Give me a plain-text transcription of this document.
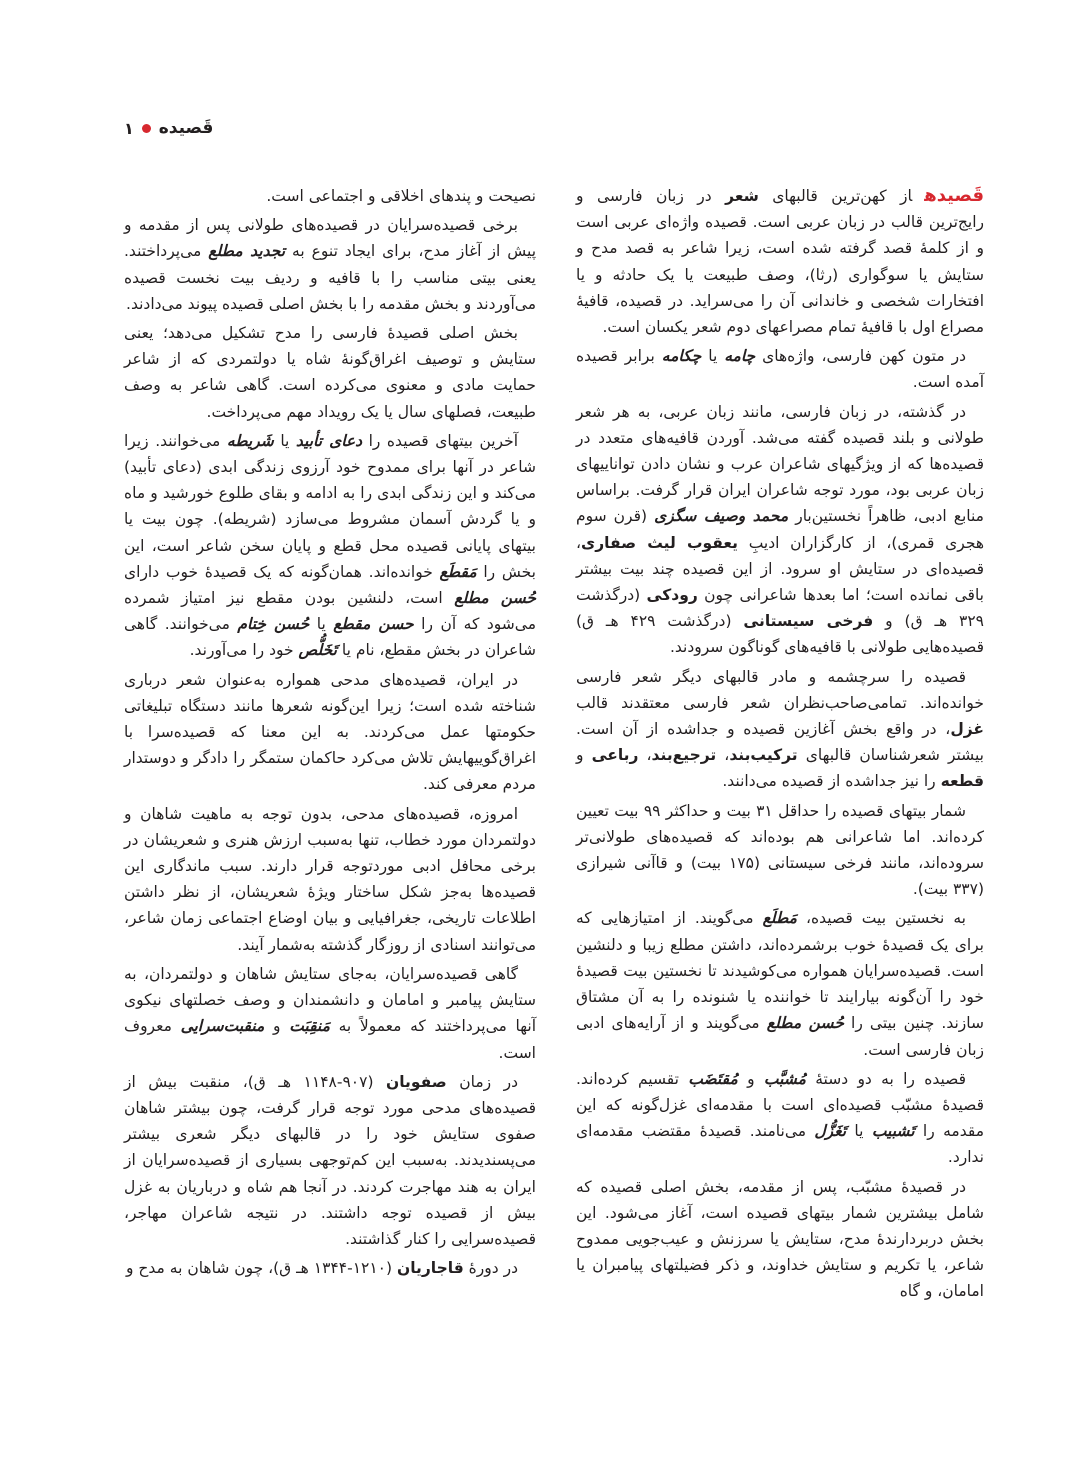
قَصیده
۱

قَصیدهاز کهن‌ترین قالبهای شعر در زبان فارسی و رایج‌ترین قالب در زبان عربی است. قصیده واژه‌ای عربی است و از کلمهٔ قصد گرفته شده است، زیرا شاعر به قصد مدح و ستایش یا سوگواری (رثا)، وصف طبیعت یا یک حادثه و یا افتخارات شخصی و خاندانی آن را می‌سراید. در قصیده، قافیهٔ مصراع اول با قافیهٔ تمام مصراعهای دوم شعر یکسان است.

در متون کهن فارسی، واژه‌های چامه یا چکامه برابر قصیده آمده است.

در گذشته، در زبان فارسی، مانند زبان عربی، به هر شعر طولانی و بلند قصیده گفته می‌شد. آوردن قافیه‌های متعدد در قصیده‌ها که از ویژگیهای شاعران عرب و نشان دادن تواناییهای زبان عربی بود، مورد توجه شاعران ایران قرار گرفت. براساس منابع ادبی، ظاهراً نخستین‌بار محمد وصیف سگزی (قرن سوم هجری قمری)، از کارگزاران ادیبِ یعقوب لیث صفاری، قصیده‌ای در ستایش او سرود. از این قصیده چند بیت بیشتر باقی نمانده است؛ اما بعدها شاعرانی چون رودکی (درگذشت ۳۲۹ هـ ق) و فرخی سیستانی (درگذشت ۴۲۹ هـ ق) قصیده‌هایی طولانی با قافیه‌های گوناگون سرودند.

قصیده را سرچشمه و مادر قالبهای دیگر شعر فارسی خوانده‌اند. تمامی‌صاحب‌نظران شعر فارسی معتقدند قالب غزل، در واقع بخش آغازین قصیده و جداشده از آن است. بیشتر شعرشناسان قالبهای ترکیب‌بند، ترجیع‌بند، رباعی و قطعه را نیز جداشده از قصیده می‌دانند.

شمار بیتهای قصیده را حداقل ۳۱ بیت و حداکثر ۹۹ بیت تعیین کرده‌اند. اما شاعرانی هم بوده‌اند که قصیده‌های طولانی‌تر سروده‌اند، مانند فرخی سیستانی (۱۷۵ بیت) و قاآنی شیرازی (۳۳۷ بیت).

به نخستین بیت قصیده، مَطلَع می‌گویند. از امتیازهایی که برای یک قصیدهٔ خوب برشمرده‌اند، داشتن مطلع زیبا و دلنشین است. قصیده‌سرایان همواره می‌کوشیدند تا نخستین بیت قصیدهٔ خود را آن‌گونه بیارایند تا خواننده یا شنونده را به آن مشتاق سازند. چنین بیتی را حُسن مطلع می‌گویند و از آرایه‌های ادبی زبان فارسی است.

قصیده را به دو دستهٔ مُشبَّب و مُقتَضَب تقسیم کرده‌اند. قصیدهٔ مشبّب قصیده‌ای است با مقدمه‌ای غزل‌گونه که این مقدمه را تَشبیب یا تَغَزُّل می‌نامند. قصیدهٔ مقتضب مقدمه‌ای ندارد.

در قصیدهٔ مشبّب، پس از مقدمه، بخش اصلی قصیده که شامل بیشترین شمار بیتهای قصیده است، آغاز می‌شود. این بخش دربردارندهٔ مدح، ستایش یا سرزنش و عیب‌جویی ممدوح شاعر، یا تکریم و ستایش خداوند، و ذکر فضیلتهای پیامبران یا امامان، و گاه

نصیحت و پندهای اخلاقی و اجتماعی است.

برخی قصیده‌سرایان در قصیده‌های طولانی پس از مقدمه و پیش از آغاز مدح، برای ایجاد تنوع به تجدید مطلع می‌پرداختند. یعنی بیتی مناسب را با قافیه و ردیف بیت نخست قصیده می‌آوردند و بخش مقدمه را با بخش اصلی قصیده پیوند می‌دادند.

بخش اصلی قصیدهٔ فارسی را مدح تشکیل می‌دهد؛ یعنی ستایش و توصیف اغراق‌گونهٔ شاه یا دولتمردی که از شاعر حمایت مادی و معنوی می‌کرده است. گاهی شاعر به وصف طبیعت، فصلهای سال یا یک رویداد مهم می‌پرداخت.

آخرین بیتهای قصیده را دعای تأبید یا شَریطه می‌خوانند. زیرا شاعر در آنها برای ممدوح خود آرزوی زندگی ابدی (دعای تأبید) می‌کند و این زندگی ابدی را به ادامه و بقای طلوع خورشید و ماه و یا گردش آسمان مشروط می‌سازد (شریطه). چون بیت یا بیتهای پایانی قصیده محل قطع و پایان سخن شاعر است، این بخش را مَقطَع خوانده‌اند. همان‌گونه که یک قصیدهٔ خوب دارای حُسن مطلع است، دلنشین بودن مقطع نیز امتیاز شمرده می‌شود که آن را حسن مقطع یا حُسن خِتام می‌خوانند. گاهی شاعران در بخش مقطع، نام یا تَخَلُّص خود را می‌آورند.

در ایران، قصیده‌های مدحی همواره به‌عنوان شعر درباری شناخته شده است؛ زیرا این‌گونه شعرها مانند دستگاه تبلیغاتی حکومتها عمل می‌کردند. به این معنا که قصیده‌سرا با اغراق‌گوییهایش تلاش می‌کرد حاکمان ستمگر را دادگر و دوستدار مردم معرفی کند.

امروزه، قصیده‌های مدحی، بدون توجه به ماهیت شاهان و دولتمردان مورد خطاب، تنها به‌سبب ارزش هنری و شعریشان در برخی محافل ادبی موردتوجه قرار دارند. سبب ماندگاری این قصیده‌ها به‌جز شکل ساختار ویژهٔ شعریشان، از نظر داشتن اطلاعات تاریخی، جغرافیایی و بیان اوضاع اجتماعی زمان شاعر، می‌توانند اسنادی از روزگار گذشته به‌شمار آیند.

گاهی قصیده‌سرایان، به‌جای ستایش شاهان و دولتمردان، به ستایش پیامبر و امامان و دانشمندان و وصف خصلتهای نیکوی آنها می‌پرداختند که معمولاً به مَنقِبَت و منقبت‌سرایی معروف است.

در زمان صفویان (۹۰۷-۱۱۴۸ هـ ق)، منقبت بیش از قصیده‌های مدحی مورد توجه قرار گرفت، چون بیشتر شاهان صفوی ستایش خود را در قالبهای دیگر شعری بیشتر می‌پسندیدند. به‌سبب این کم‌توجهی بسیاری از قصیده‌سرایان از ایران به هند مهاجرت کردند. در آنجا هم شاه و درباریان به غزل بیش از قصیده توجه داشتند. در نتیجه شاعران مهاجر، قصیده‌سرایی را کنار گذاشتند.

در دورهٔ قاجاریان (۱۲۱۰-۱۳۴۴ هـ ق)، چون شاهان به مدح و
